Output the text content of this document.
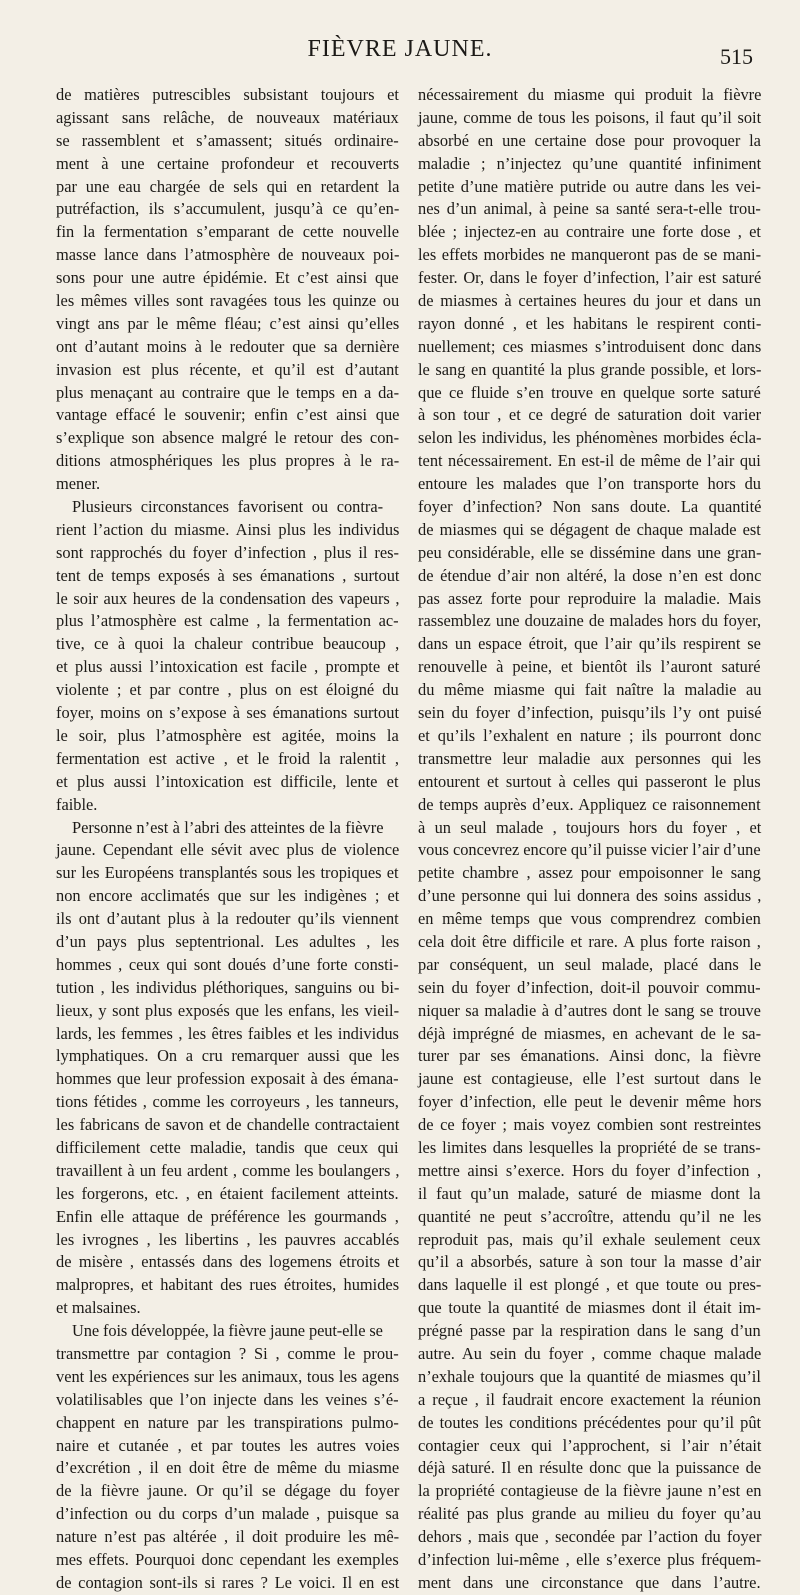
FIÈVRE JAUNE.	515
de matières putrescibles subsistant toujours et
agissant sans relâche, de nouveaux matériaux
se rassemblent et s’amassent; situés ordinaire-
ment à une certaine profondeur et recouverts
par une eau chargée de sels qui en retardent la
putréfaction, ils s’accumulent, jusqu’à ce qu’en-
fin la fermentation s’emparant de cette nouvelle
masse lance dans l’atmosphère de nouveaux poi-
sons pour une autre épidémie. Et c’est ainsi que
les mêmes villes sont ravagées tous les quinze ou
vingt ans par le même fléau; c’est ainsi qu’elles
ont d’autant moins à le redouter que sa dernière
invasion est plus récente, et qu’il est d’autant
plus menaçant au contraire que le temps en a da-
vantage effacé le souvenir; enfin c’est ainsi que
s’explique son absence malgré le retour des con-
ditions atmosphériques les plus propres à le ra-
mener.
Plusieurs circonstances favorisent ou contra-
rient l’action du miasme. Ainsi plus les individus
sont rapprochés du foyer d’infection , plus il res-
tent de temps exposés à ses émanations , surtout
le soir aux heures de la condensation des vapeurs ,
plus l’atmosphère est calme , la fermentation ac-
tive, ce à quoi la chaleur contribue beaucoup ,
et plus aussi l’intoxication est facile , prompte et
violente ; et par contre , plus on est éloigné du
foyer, moins on s’expose à ses émanations surtout
le soir, plus l’atmosphère est agitée, moins la
fermentation est active , et le froid la ralentit ,
et plus aussi l’intoxication est difficile, lente et
faible.
Personne n’est à l’abri des atteintes de la fièvre
jaune. Cependant elle sévit avec plus de violence
sur les Européens transplantés sous les tropiques et
non encore acclimatés que sur les indigènes ; et
ils ont d’autant plus à la redouter qu’ils viennent
d’un pays plus septentrional. Les adultes , les
hommes , ceux qui sont doués d’une forte consti-
tution , les individus pléthoriques, sanguins ou bi-
lieux, y sont plus exposés que les enfans, les vieil-
lards, les femmes , les êtres faibles et les individus
lymphatiques. On a cru remarquer aussi que les
hommes que leur profession exposait à des émana-
tions fétides , comme les corroyeurs , les tanneurs,
les fabricans de savon et de chandelle contractaient
difficilement cette maladie, tandis que ceux qui
travaillent à un feu ardent , comme les boulangers ,
les forgerons, etc. , en étaient facilement atteints.
Enfin elle attaque de préférence les gourmands ,
les ivrognes , les libertins , les pauvres accablés
de misère , entassés dans des logemens étroits et
malpropres, et habitant des rues étroites, humides
et malsaines.
Une fois développée, la fièvre jaune peut-elle se
transmettre par contagion ? Si , comme le prou-
vent les expériences sur les animaux, tous les agens
volatilisables que l’on injecte dans les veines s’é-
chappent en nature par les transpirations pulmo-
naire et cutanée , et par toutes les autres voies
d’excrétion , il en doit être de même du miasme
de la fièvre jaune. Or qu’il se dégage du foyer
d’infection ou du corps d’un malade , puisque sa
nature n’est pas altérée , il doit produire les mê-
mes effets. Pourquoi donc cependant les exemples
de contagion sont-ils si rares ? Le voici. Il en est
nécessairement du miasme qui produit la fièvre
jaune, comme de tous les poisons, il faut qu’il soit
absorbé en une certaine dose pour provoquer la
maladie ; n’injectez qu’une quantité infiniment
petite d’une matière putride ou autre dans les vei-
nes d’un animal, à peine sa santé sera-t-elle trou-
blée ; injectez-en au contraire une forte dose , et
les effets morbides ne manqueront pas de se mani-
fester. Or, dans le foyer d’infection, l’air est saturé
de miasmes à certaines heures du jour et dans un
rayon donné , et les habitans le respirent conti-
nuellement; ces miasmes s’introduisent donc dans
le sang en quantité la plus grande possible, et lors-
que ce fluide s’en trouve en quelque sorte saturé
à son tour , et ce degré de saturation doit varier
selon les individus, les phénomènes morbides écla-
tent nécessairement. En est-il de même de l’air qui
entoure les malades que l’on transporte hors du
foyer d’infection? Non sans doute. La quantité
de miasmes qui se dégagent de chaque malade est
peu considérable, elle se dissémine dans une gran-
de étendue d’air non altéré, la dose n’en est donc
pas assez forte pour reproduire la maladie. Mais
rassemblez une douzaine de malades hors du foyer,
dans un espace étroit, que l’air qu’ils respirent se
renouvelle à peine, et bientôt ils l’auront saturé
du même miasme qui fait naître la maladie au
sein du foyer d’infection, puisqu’ils l’y ont puisé
et qu’ils l’exhalent en nature ; ils pourront donc
transmettre leur maladie aux personnes qui les
entourent et surtout à celles qui passeront le plus
de temps auprès d’eux. Appliquez ce raisonnement
à un seul malade , toujours hors du foyer , et
vous concevrez encore qu’il puisse vicier l’air d’une
petite chambre , assez pour empoisonner le sang
d’une personne qui lui donnera des soins assidus ,
en même temps que vous comprendrez combien
cela doit être difficile et rare. A plus forte raison ,
par conséquent, un seul malade, placé dans le
sein du foyer d’infection, doit-il pouvoir commu-
niquer sa maladie à d’autres dont le sang se trouve
déjà imprégné de miasmes, en achevant de le sa-
turer par ses émanations. Ainsi donc, la fièvre
jaune est contagieuse, elle l’est surtout dans le
foyer d’infection, elle peut le devenir même hors
de ce foyer ; mais voyez combien sont restreintes
les limites dans lesquelles la propriété de se trans-
mettre ainsi s’exerce. Hors du foyer d’infection ,
il faut qu’un malade, saturé de miasme dont la
quantité ne peut s’accroître, attendu qu’il ne les
reproduit pas, mais qu’il exhale seulement ceux
qu’il a absorbés, sature à son tour la masse d’air
dans laquelle il est plongé , et que toute ou pres-
que toute la quantité de miasmes dont il était im-
prégné passe par la respiration dans le sang d’un
autre. Au sein du foyer , comme chaque malade
n’exhale toujours que la quantité de miasmes qu’il
a reçue , il faudrait encore exactement la réunion
de toutes les conditions précédentes pour qu’il pût
contagier ceux qui l’approchent, si l’air n’était
déjà saturé. Il en résulte donc que la puissance de
la propriété contagieuse de la fièvre jaune n’est en
réalité pas plus grande au milieu du foyer qu’au
dehors , mais que , secondée par l’action du foyer
d’infection lui-même , elle s’exerce plus fréquem-
ment dans une circonstance que dans l’autre.
